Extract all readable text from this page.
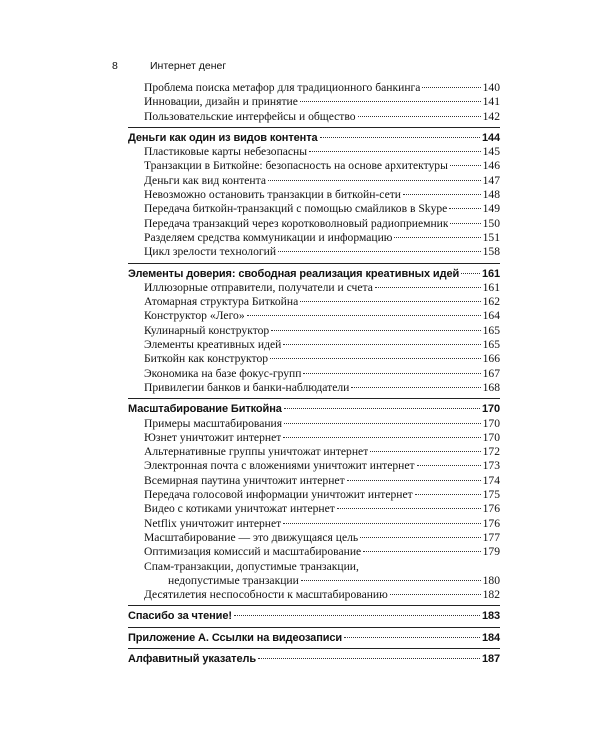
8	Интернет денег
Проблема поиска метафор для традиционного банкинга	140
Инновации, дизайн и принятие	141
Пользовательские интерфейсы и общество	142
Деньги как один из видов контента	144
Пластиковые карты небезопасны	145
Транзакции в Биткойне: безопасность на основе архитектуры	146
Деньги как вид контента	147
Невозможно остановить транзакции в биткойн-сети	148
Передача биткойн-транзакций с помощью смайликов в Skype	149
Передача транзакций через коротковолновый радиоприемник	150
Разделяем средства коммуникации и информацию	151
Цикл зрелости технологий	158
Элементы доверия: свободная реализация креативных идей 161
Иллюзорные отправители, получатели и счета	161
Атомарная структура Биткойна	162
Конструктор «Лего»	164
Кулинарный конструктор	165
Элементы креативных идей	165
Биткойн как конструктор	166
Экономика на базе фокус-групп	167
Привилегии банков и банки-наблюдатели	168
Масштабирование Биткойна	170
Примеры масштабирования	170
Юзнет уничтожит интернет	170
Альтернативные группы уничтожат интернет	172
Электронная почта с вложениями уничтожит интернет	173
Всемирная паутина уничтожит интернет	174
Передача голосовой информации уничтожит интернет	175
Видео с котиками уничтожат интернет	176
Netflix уничтожит интернет	176
Масштабирование — это движущаяся цель	177
Оптимизация комиссий и масштабирование	179
Спам-транзакции, допустимые транзакции,
недопустимые транзакции	180
Десятилетия неспособности к масштабированию	182
Спасибо за чтение!	183
Приложение А. Ссылки на видеозаписи	184
Алфавитный указатель	187
